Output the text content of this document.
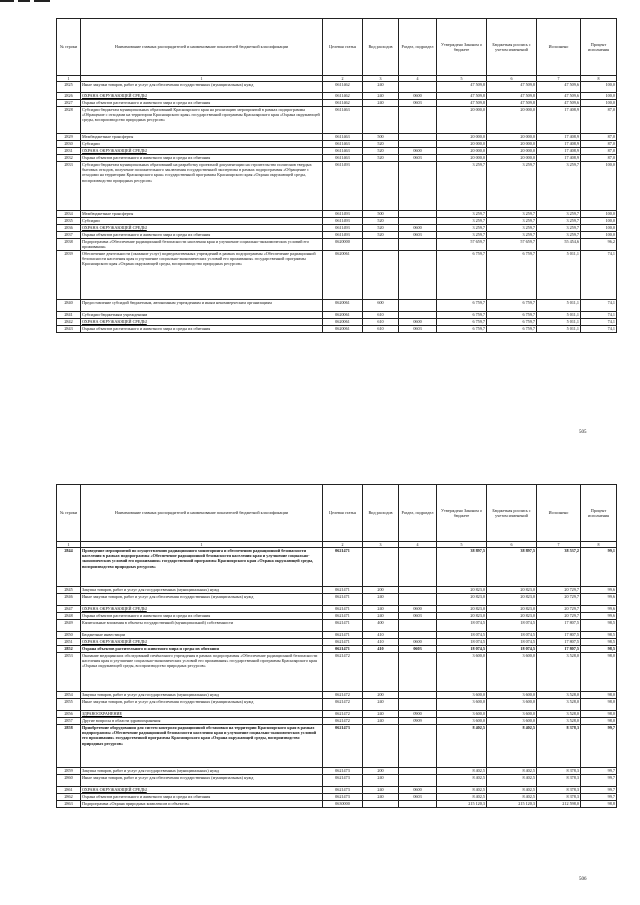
№ строки	Наименование главных распорядителей и наименование показателей бюджетной классификации	Целевая статья	Вид расходов	Раздел, подраздел	Утверждено Законом о бюджете	Бюджетная роспись с учетом изменений	Исполнено	Процент исполнения
1	1	2	3	4	5	6	7	8
2825	Иные закупки товаров, работ и услуг для обеспечения государственных (муниципальных) нужд	0611462	240		47 509,8	47 509,8	47 509,6	100,0
2826	ОХРАНА ОКРУЖАЮЩЕЙ СРЕДЫ	0611462	240	0600	47 509,8	47 509,8	47 509,6	100,0
2827	Охрана объектов растительного и животного мира и среды их обитания	0611462	240	0603	47 509,8	47 509,8	47 509,6	100,0
2828	Субсидии бюджетам муниципальных образований Красноярского края на реализацию мероприятий в рамках подпрограммы «Обращение с отходами на территории Красноярского края» государственной программы Красноярского края «Охрана окружающей среды, воспроизводство природных ресурсов»	0611463			20 000,0	20 000,0	17 408,9	87,0
2829	Межбюджетные трансферты	0611463	500		20 000,0	20 000,0	17 408,9	87,0
2830	Субсидии	0611463	520		20 000,0	20 000,0	17 408,9	87,0
2831	ОХРАНА ОКРУЖАЮЩЕЙ СРЕДЫ	0611463	520	0600	20 000,0	20 000,0	17 408,9	87,0
2832	Охрана объектов растительного и животного мира и среды их обитания	0611463	520	0603	20 000,0	20 000,0	17 408,9	87,0
2833	Субсидии бюджетам муниципальных образований на разработку проектной документации на строительство полигонов твердых бытовых отходов, получение положительного заключения государственной экспертизы в рамках подпрограммы «Обращение с отходами на территории Красноярского края» государственной программы Красноярского края «Охрана окружающей среды, воспроизводство природных ресурсов»	0611493			3 259,7	3 259,7	3 259,7	100,0
2834	Межбюджетные трансферты	0611493	500		3 259,7	3 259,7	3 259,7	100,0
2835	Субсидии	0611493	520		3 259,7	3 259,7	3 259,7	100,0
2836	ОХРАНА ОКРУЖАЮЩЕЙ СРЕДЫ	0611493	520	0600	3 259,7	3 259,7	3 259,7	100,0
2837	Охрана объектов растительного и животного мира и среды их обитания	0611493	520	0603	3 259,7	3 259,7	3 259,7	100,0
2838	Подпрограмма «Обеспечение радиационной безопасности населения края и улучшение социально-экономических условий его проживания»	0620000			57 659,7	57 659,7	55 454,6	96,2
2839	Обеспечение деятельности (оказание услуг) подведомственных учреждений в рамках подпрограммы «Обеспечение радиационной безопасности населения края и улучшение социально-экономических условий его проживания» государственной программы Красноярского края «Охрана окружающей среды, воспроизводство природных ресурсов»	0620061			6 759,7	6 759,7	5 011,1	74,1
2840	Предоставление субсидий бюджетным, автономным учреждениям и иным некоммерческим организациям	0620061	600		6 759,7	6 759,7	5 011,1	74,1
2841	Субсидии бюджетным учреждениям	0620061	610		6 759,7	6 759,7	5 011,1	74,1
2842	ОХРАНА ОКРУЖАЮЩЕЙ СРЕДЫ	0620061	610	0600	6 759,7	6 759,7	5 011,1	74,1
2843	Охрана объектов растительного и животного мира и среды их обитания	0620061	610	0603	6 759,7	6 759,7	5 011,1	74,1
505
№ строки	Наименование главных распорядителей и наименование показателей бюджетной классификации	Целевая статья	Вид расходов	Раздел, подраздел	Утверждено Законом о бюджете	Бюджетная роспись с учетом изменений	Исполнено	Процент исполнения
1	1	2	3	4	5	6	7	8
2844	Проведение мероприятий по осуществлению радиационного мониторинга и обеспечению радиационной безопасности населения в рамках подпрограммы «Обеспечение радиационной безопасности населения края и улучшение социально-экономических условий его проживания» государственной программы Красноярского края «Охрана окружающей среды, воспроизводство природных ресурсов»	0621471			38 897,5	38 897,5	38 537,2	99,1
2845	Закупка товаров, работ и услуг для государственных (муниципальных) нужд	0621471	200		20 823,0	20 823,0	20 729,7	99,6
2846	Иные закупки товаров, работ и услуг для обеспечения государственных (муниципальных) нужд	0621471	240		20 823,0	20 823,0	20 729,7	99,6
2847	ОХРАНА ОКРУЖАЮЩЕЙ СРЕДЫ	0621471	240	0600	20 823,0	20 823,0	20 729,7	99,6
2848	Охрана объектов растительного и животного мира и среды их обитания	0621471	240	0603	20 823,0	20 823,0	20 729,7	99,6
2849	Капитальные вложения в объекты государственной (муниципальной) собственности	0621471	400		18 074,5	18 074,5	17 807,5	98,5
2850	Бюджетные инвестиции	0621471	410		18 074,5	18 074,5	17 807,5	98,5
2851	ОХРАНА ОКРУЖАЮЩЕЙ СРЕДЫ	0621471	410	0600	18 074,5	18 074,5	17 807,5	98,5
2852	Охрана объектов растительного и животного мира и среды их обитания	0621471	410	0603	18 074,5	18 074,5	17 807,5	98,5
2853	Оказание медицинских обследований печёночного учреждения в рамках подпрограммы «Обеспечение радиационной безопасности населения края и улучшение социально-экономических условий его проживания» государственной программы Красноярского края «Охрана окружающей среды, воспроизводство природных ресурсов»	0621472			3 600,0	3 600,0	3 528,0	98,0
2854	Закупка товаров, работ и услуг для государственных (муниципальных) нужд	0621472	200		3 600,0	3 600,0	3 528,0	98,0
2855	Иные закупки товаров, работ и услуг для обеспечения государственных (муниципальных) нужд	0621472	240		3 600,0	3 600,0	3 528,0	98,0
2856	ЗДРАВООХРАНЕНИЕ	0621472	240	0900	3 600,0	3 600,0	3 528,0	98,0
2857	Другие вопросы в области здравоохранения	0621472	240	0909	3 600,0	3 600,0	3 528,0	98,0
2858	Приобретение оборудования для систем контроля радиационной обстановки на территории Красноярского края в рамках подпрограммы «Обеспечение радиационной безопасности населения края и улучшение социально-экономических условий его проживания» государственной программы Красноярского края «Охрана окружающей среды, воспроизводство природных ресурсов»	0621473			8 402,5	8 402,5	8 378,3	99,7
2859	Закупка товаров, работ и услуг для государственных (муниципальных) нужд	0621473	200		8 402,5	8 402,5	8 378,3	99,7
2860	Иные закупки товаров, работ и услуг для обеспечения государственных (муниципальных) нужд	0621473	240		8 402,5	8 402,5	8 378,3	99,7
2861	ОХРАНА ОКРУЖАЮЩЕЙ СРЕДЫ	0621473	240	0600	8 402,5	8 402,5	8 378,3	99,7
2862	Охрана объектов растительного и животного мира и среды их обитания	0621473	240	0603	8 402,5	8 402,5	8 378,3	99,7
2863	Подпрограмма «Охрана природных комплексов и объектов»	0630000			215 120,3	215 120,3	212 598,0	98,8
506
